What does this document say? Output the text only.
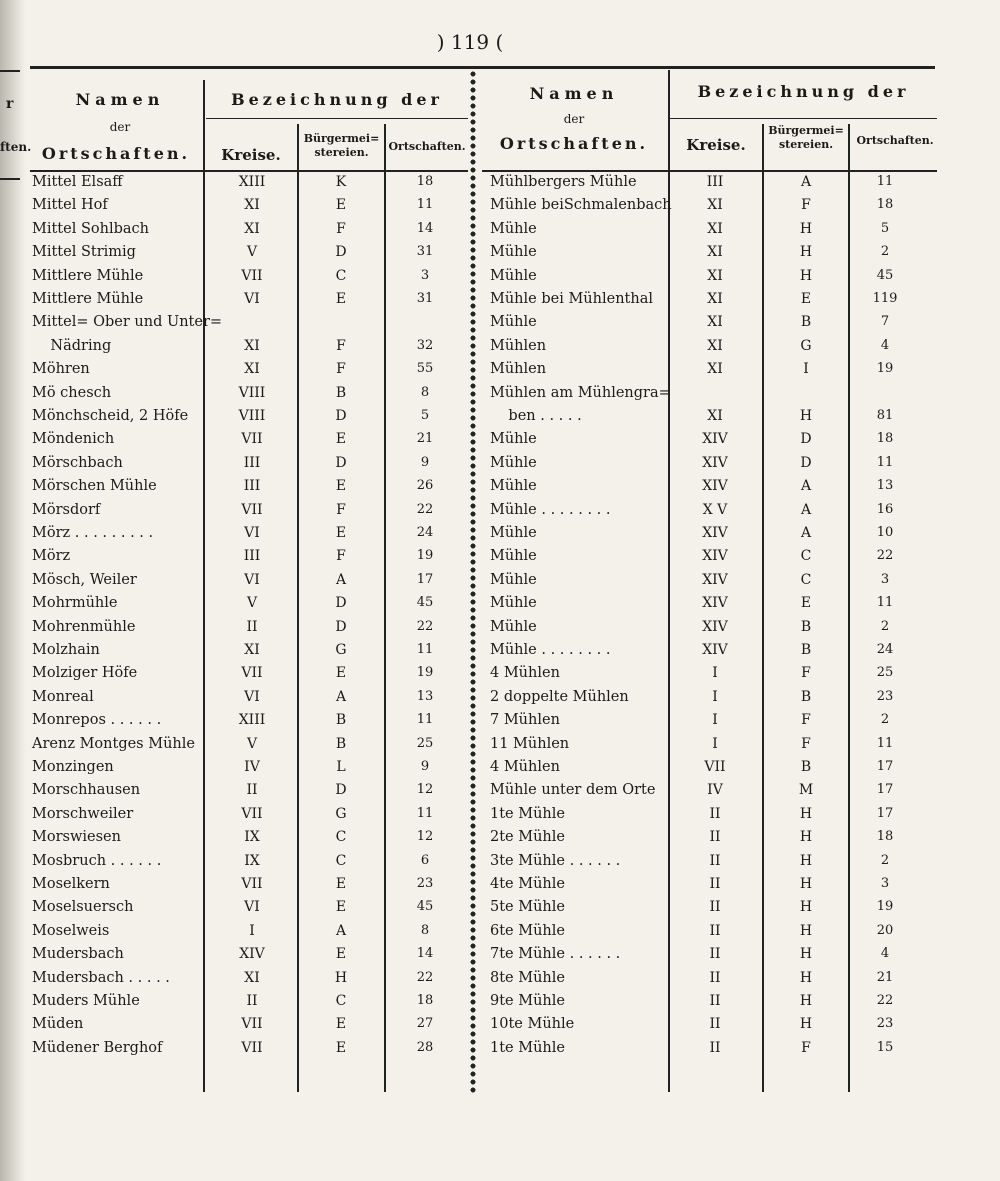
ften.
r
) 119 (
Namen
der
Ortschaften.
Bezeichnung der
Kreise.
Bürgermei=
stereien.	Ortschaften.
Namen
der
Ortschaften.
Bezeichnung der
Kreise.
Bürgermei=
stereien.	Ortschaften.
Mittel Elsaff	XIII	K	18
Mittel Hof	XI	E	11
Mittel Sohlbach	XI	F	14
Mittel Strimig	V	D	31
Mittlere Mühle	VII	C	3
Mittlere Mühle	VI	E	31
Mittel= Ober und Unter=
Nädring	XI	F	32
Möhren	XI	F	55
Mö chesch	VIII	B	8
Mönchscheid, 2 Höfe	VIII	D	5
Möndenich	VII	E	21
Mörschbach	III	D	9
Mörschen Mühle	III	E	26
Mörsdorf	VII	F	22
Mörz . . . . . . . . .	VI	E	24
Mörz	III	F	19
Mösch, Weiler	VI	A	17
Mohrmühle	V	D	45
Mohrenmühle	II	D	22
Molzhain	XI	G	11
Molziger Höfe	VII	E	19
Monreal	VI	A	13
Monrepos . . . . . .	XIII	B	11
Arenz Montges Mühle	V	B	25
Monzingen	IV	L	9
Morschhausen	II	D	12
Morschweiler	VII	G	11
Morswiesen	IX	C	12
Mosbruch . . . . . .	IX	C	6
Moselkern	VII	E	23
Moselsuersch	VI	E	45
Moselweis	I	A	8
Mudersbach	XIV	E	14
Mudersbach . . . . .	XI	H	22
Muders Mühle	II	C	18
Müden	VII	E	27
Müdener Berghof	VII	E	28
Mühlbergers Mühle	III	A	11
Mühle beiSchmalenbach	XI	F	18
Mühle	XI	H	5
Mühle	XI	H	2
Mühle	XI	H	45
Mühle bei Mühlenthal	XI	E	119
Mühle	XI	B	7
Mühlen	XI	G	4
Mühlen	XI	I	19
Mühlen am Mühlengra=
ben . . . . .	XI	H	81
Mühle	XIV	D	18
Mühle	XIV	D	11
Mühle	XIV	A	13
Mühle . . . . . . . .	X V	A	16
Mühle	XIV	A	10
Mühle	XIV	C	22
Mühle	XIV	C	3
Mühle	XIV	E	11
Mühle	XIV	B	2
Mühle . . . . . . . .	XIV	B	24
4 Mühlen	I	F	25
2 doppelte Mühlen	I	B	23
7 Mühlen	I	F	2
11 Mühlen	I	F	11
4 Mühlen	VII	B	17
Mühle unter dem Orte	IV	M	17
1te Mühle	II	H	17
2te Mühle	II	H	18
3te Mühle . . . . . .	II	H	2
4te Mühle	II	H	3
5te Mühle	II	H	19
6te Mühle	II	H	20
7te Mühle . . . . . .	II	H	4
8te Mühle	II	H	21
9te Mühle	II	H	22
10te Mühle	II	H	23
1te Mühle	II	F	15
